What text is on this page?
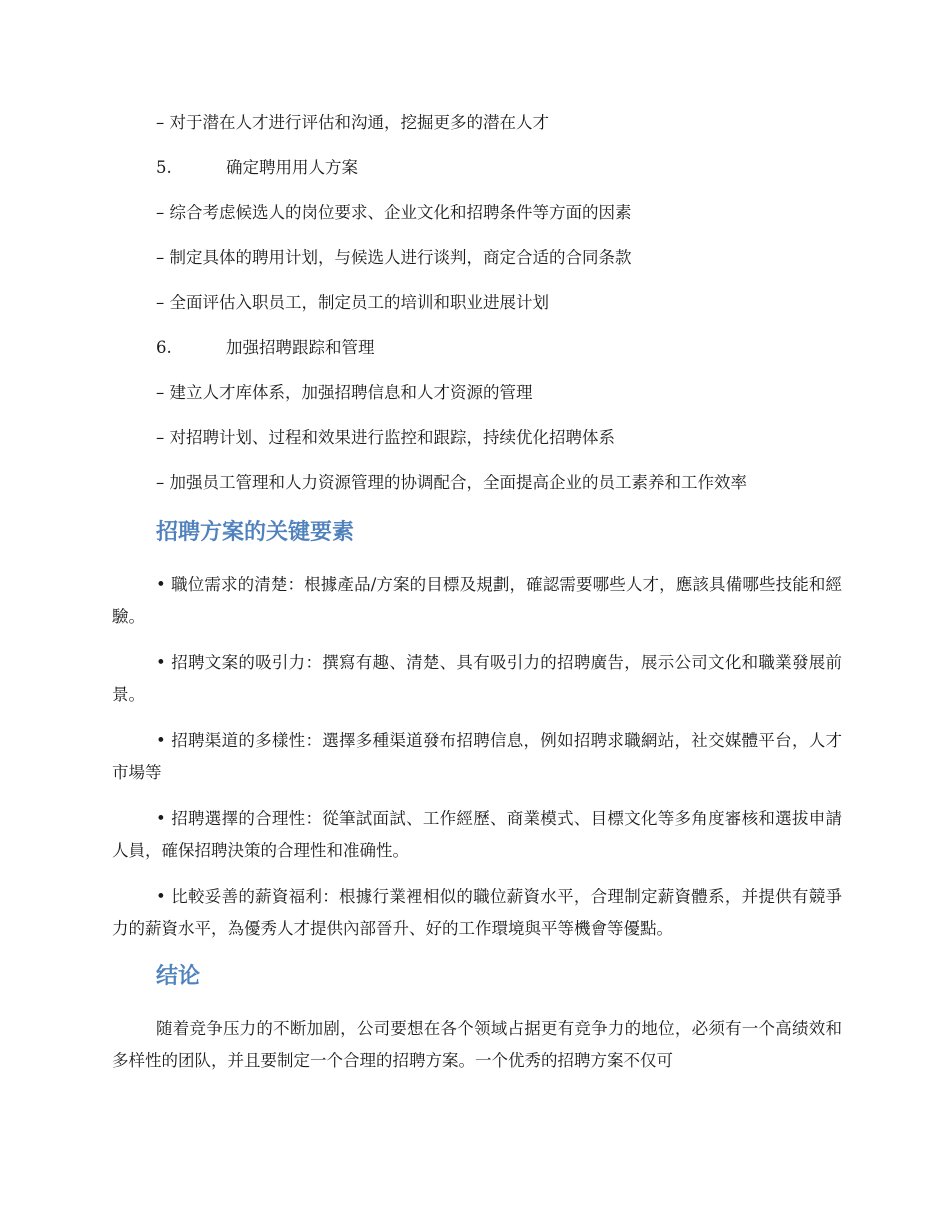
– 对于潜在人才进行评估和沟通，挖掘更多的潜在人才
5.	确定聘用用人方案
– 综合考虑候选人的岗位要求、企业文化和招聘条件等方面的因素
– 制定具体的聘用计划，与候选人进行谈判，商定合适的合同条款
– 全面评估入职员工，制定员工的培训和职业进展计划
6.	加强招聘跟踪和管理
– 建立人才库体系，加强招聘信息和人才资源的管理
– 对招聘计划、过程和效果进行监控和跟踪，持续优化招聘体系
– 加强员工管理和人力资源管理的协调配合，全面提高企业的员工素养和工作效率
招聘方案的关键要素
• 職位需求的清楚：根據產品/方案的目標及規劃，確認需要哪些人才，應該具備哪些技能和經驗。
• 招聘文案的吸引力：撰寫有趣、清楚、具有吸引力的招聘廣告，展示公司文化和職業發展前景。
• 招聘渠道的多樣性：選擇多種渠道發布招聘信息，例如招聘求職網站，社交媒體平台，人才市場等
• 招聘選擇的合理性：從筆試面試、工作經歷、商業模式、目標文化等多角度審核和選拔申請人員，確保招聘決策的合理性和准确性。
• 比較妥善的薪資福利：根據行業裡相似的職位薪資水平，合理制定薪資體系，并提供有競爭力的薪資水平，為優秀人才提供內部晉升、好的工作環境與平等機會等優點。
结论
随着竞争压力的不断加剧，公司要想在各个领域占据更有竞争力的地位，必须有一个高绩效和多样性的团队，并且要制定一个合理的招聘方案。一个优秀的招聘方案不仅可
